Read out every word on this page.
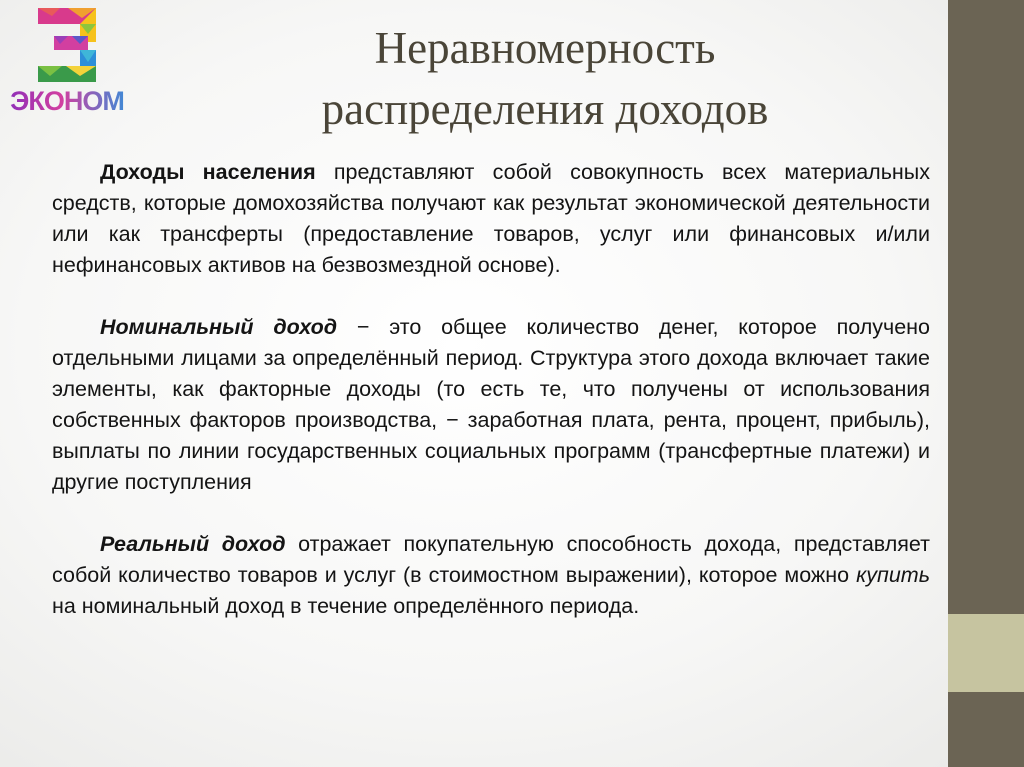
ЭКОНОМ
Неравномерность
распределения доходов

Доходы населения представляют собой совокупность всех материальных средств, которые домохозяйства получают как результат экономической деятельности или как трансферты (предоставление товаров, услуг или финансовых и/или нефинансовых активов на безвозмездной основе).

Номинальный доход − это общее количество денег, которое получено отдельными лицами за определённый период. Структура этого дохода включает такие элементы, как факторные доходы (то есть те, что получены от использования собственных факторов производства, − заработная плата, рента, процент, прибыль), выплаты по линии государственных социальных программ (трансфертные платежи) и другие поступления

Реальный доход отражает покупательную способность дохода, представляет собой количество товаров и услуг (в стоимостном выражении), которое можно купить на номинальный доход в течение определённого периода.
